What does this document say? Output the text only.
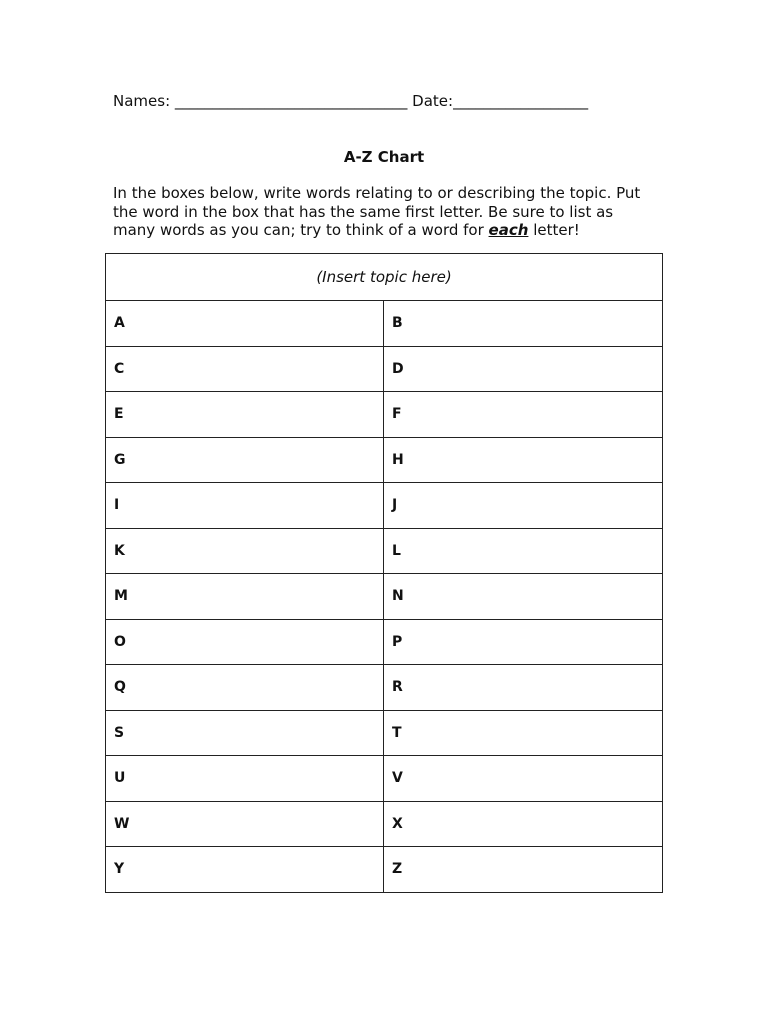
Names: _______________________________ Date:__________________
A-Z Chart
In the boxes below, write words relating to or describing the topic. Put the word in the box that has the same first letter. Be sure to list as many words as you can; try to think of a word for each letter!
(Insert topic here)	
A	B
C	D
E	F
G	H
I	J
K	L
M	N
O	P
Q	R
S	T
U	V
W	X
Y	Z
